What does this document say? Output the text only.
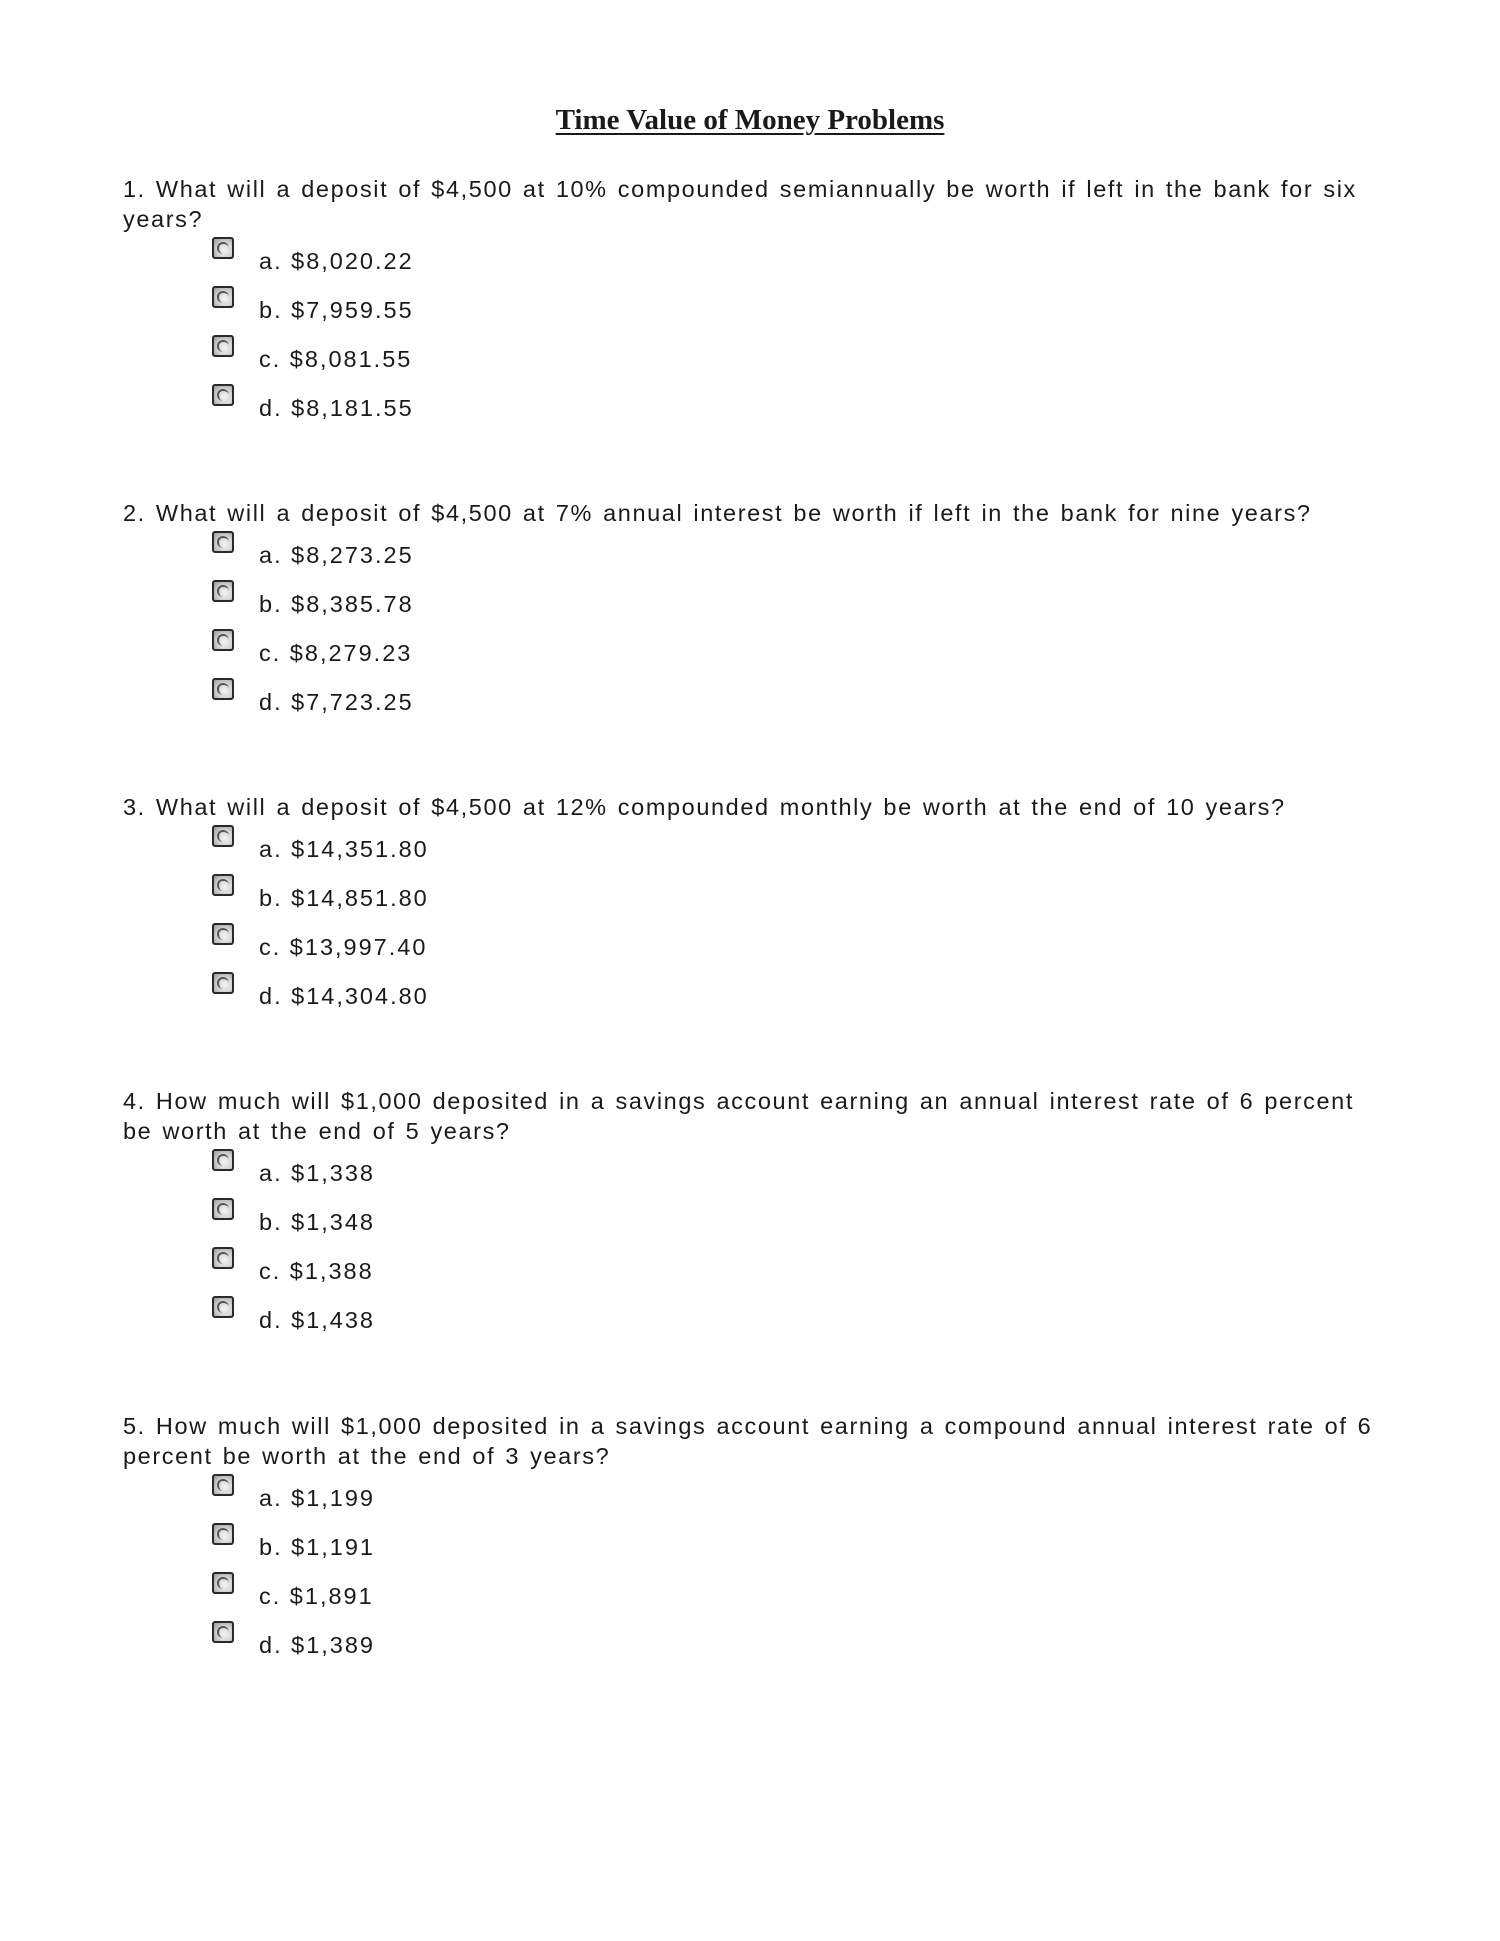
Time Value of Money Problems

1. What will a deposit of $4,500 at 10% compounded semiannually be worth if left in the bank for six years?

a. $8,020.22
b. $7,959.55
c. $8,081.55
d. $8,181.55

2. What will a deposit of $4,500 at 7% annual interest be worth if left in the bank for nine years?

a. $8,273.25
b. $8,385.78
c. $8,279.23
d. $7,723.25

3. What will a deposit of $4,500 at 12% compounded monthly be worth at the end of 10 years?

a. $14,351.80
b. $14,851.80
c. $13,997.40
d. $14,304.80

4. How much will $1,000 deposited in a savings account earning an annual interest rate of 6 percent be worth at the end of 5 years?

a. $1,338
b. $1,348
c. $1,388
d. $1,438

5. How much will $1,000 deposited in a savings account earning a compound annual interest rate of 6 percent be worth at the end of 3 years?

a. $1,199
b. $1,191
c. $1,891
d. $1,389
